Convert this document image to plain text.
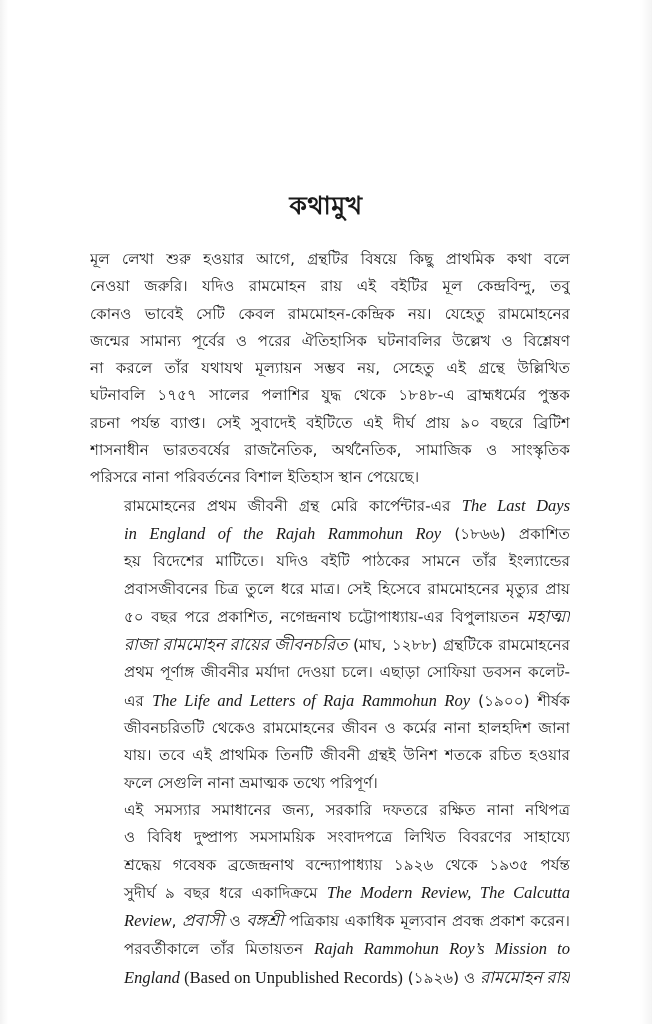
কথামুখ

মূল লেখা শুরু হওয়ার আগে, গ্রন্থটির বিষয়ে কিছু প্রাথমিক কথা বলে
নেওয়া জরুরি। যদিও রামমোহন রায় এই বইটির মূল কেন্দ্রবিন্দু, তবু
কোনও ভাবেই সেটি কেবল রামমোহন-কেন্দ্রিক নয়। যেহেতু রামমোহনের
জন্মের সামান্য পূর্বের ও পরের ঐতিহাসিক ঘটনাবলির উল্লেখ ও বিশ্লেষণ
না করলে তাঁর যথাযথ মূল্যায়ন সম্ভব নয়, সেহেতু এই গ্রন্থে উল্লিখিত
ঘটনাবলি ১৭৫৭ সালের পলাশির যুদ্ধ থেকে ১৮৪৮-এ ব্রাহ্মধর্মের পুস্তক
রচনা পর্যন্ত ব্যাপ্ত। সেই সুবাদেই বইটিতে এই দীর্ঘ প্রায় ৯০ বছরে ব্রিটিশ
শাসনাধীন ভারতবর্ষের রাজনৈতিক, অর্থনৈতিক, সামাজিক ও সাংস্কৃতিক
পরিসরে নানা পরিবর্তনের বিশাল ইতিহাস স্থান পেয়েছে।

রামমোহনের প্রথম জীবনী গ্রন্থ মেরি কার্পেন্টার-এর The Last Days
in England of the Rajah Rammohun Roy (১৮৬৬) প্রকাশিত
হয় বিদেশের মাটিতে। যদিও বইটি পাঠকের সামনে তাঁর ইংল্যান্ডের
প্রবাসজীবনের চিত্র তুলে ধরে মাত্র। সেই হিসেবে রামমোহনের মৃত্যুর প্রায়
৫০ বছর পরে প্রকাশিত, নগেন্দ্রনাথ চট্টোপাধ্যায়-এর বিপুলায়তন মহাত্মা
রাজা রামমোহন রায়ের জীবনচরিত (মাঘ, ১২৮৮) গ্রন্থটিকে রামমোহনের
প্রথম পূর্ণাঙ্গ জীবনীর মর্যাদা দেওয়া চলে। এছাড়া সোফিয়া ডবসন কলেট-
এর The Life and Letters of Raja Rammohun Roy (১৯০০) শীর্ষক
জীবনচরিতটি থেকেও রামমোহনের জীবন ও কর্মের নানা হালহদিশ জানা
যায়। তবে এই প্রাথমিক তিনটি জীবনী গ্রন্থই উনিশ শতকে রচিত হওয়ার
ফলে সেগুলি নানা ভ্রমাত্মক তথ্যে পরিপূর্ণ।

এই সমস্যার সমাধানের জন্য, সরকারি দফতরে রক্ষিত নানা নথিপত্র
ও বিবিধ দুষ্প্রাপ্য সমসাময়িক সংবাদপত্রে লিখিত বিবরণের সাহায্যে
শ্রদ্ধেয় গবেষক ব্রজেন্দ্রনাথ বন্দ্যোপাধ্যায় ১৯২৬ থেকে ১৯৩৫ পর্যন্ত
সুদীর্ঘ ৯ বছর ধরে একাদিক্রমে The Modern Review, The Calcutta
Review, প্রবাসী ও বঙ্গশ্রী পত্রিকায় একাধিক মূল্যবান প্রবন্ধ প্রকাশ করেন।
পরবর্তীকালে তাঁর মিতায়তন Rajah Rammohun Roy’s Mission to
England (Based on Unpublished Records) (১৯২৬) ও রামমোহন রায়
